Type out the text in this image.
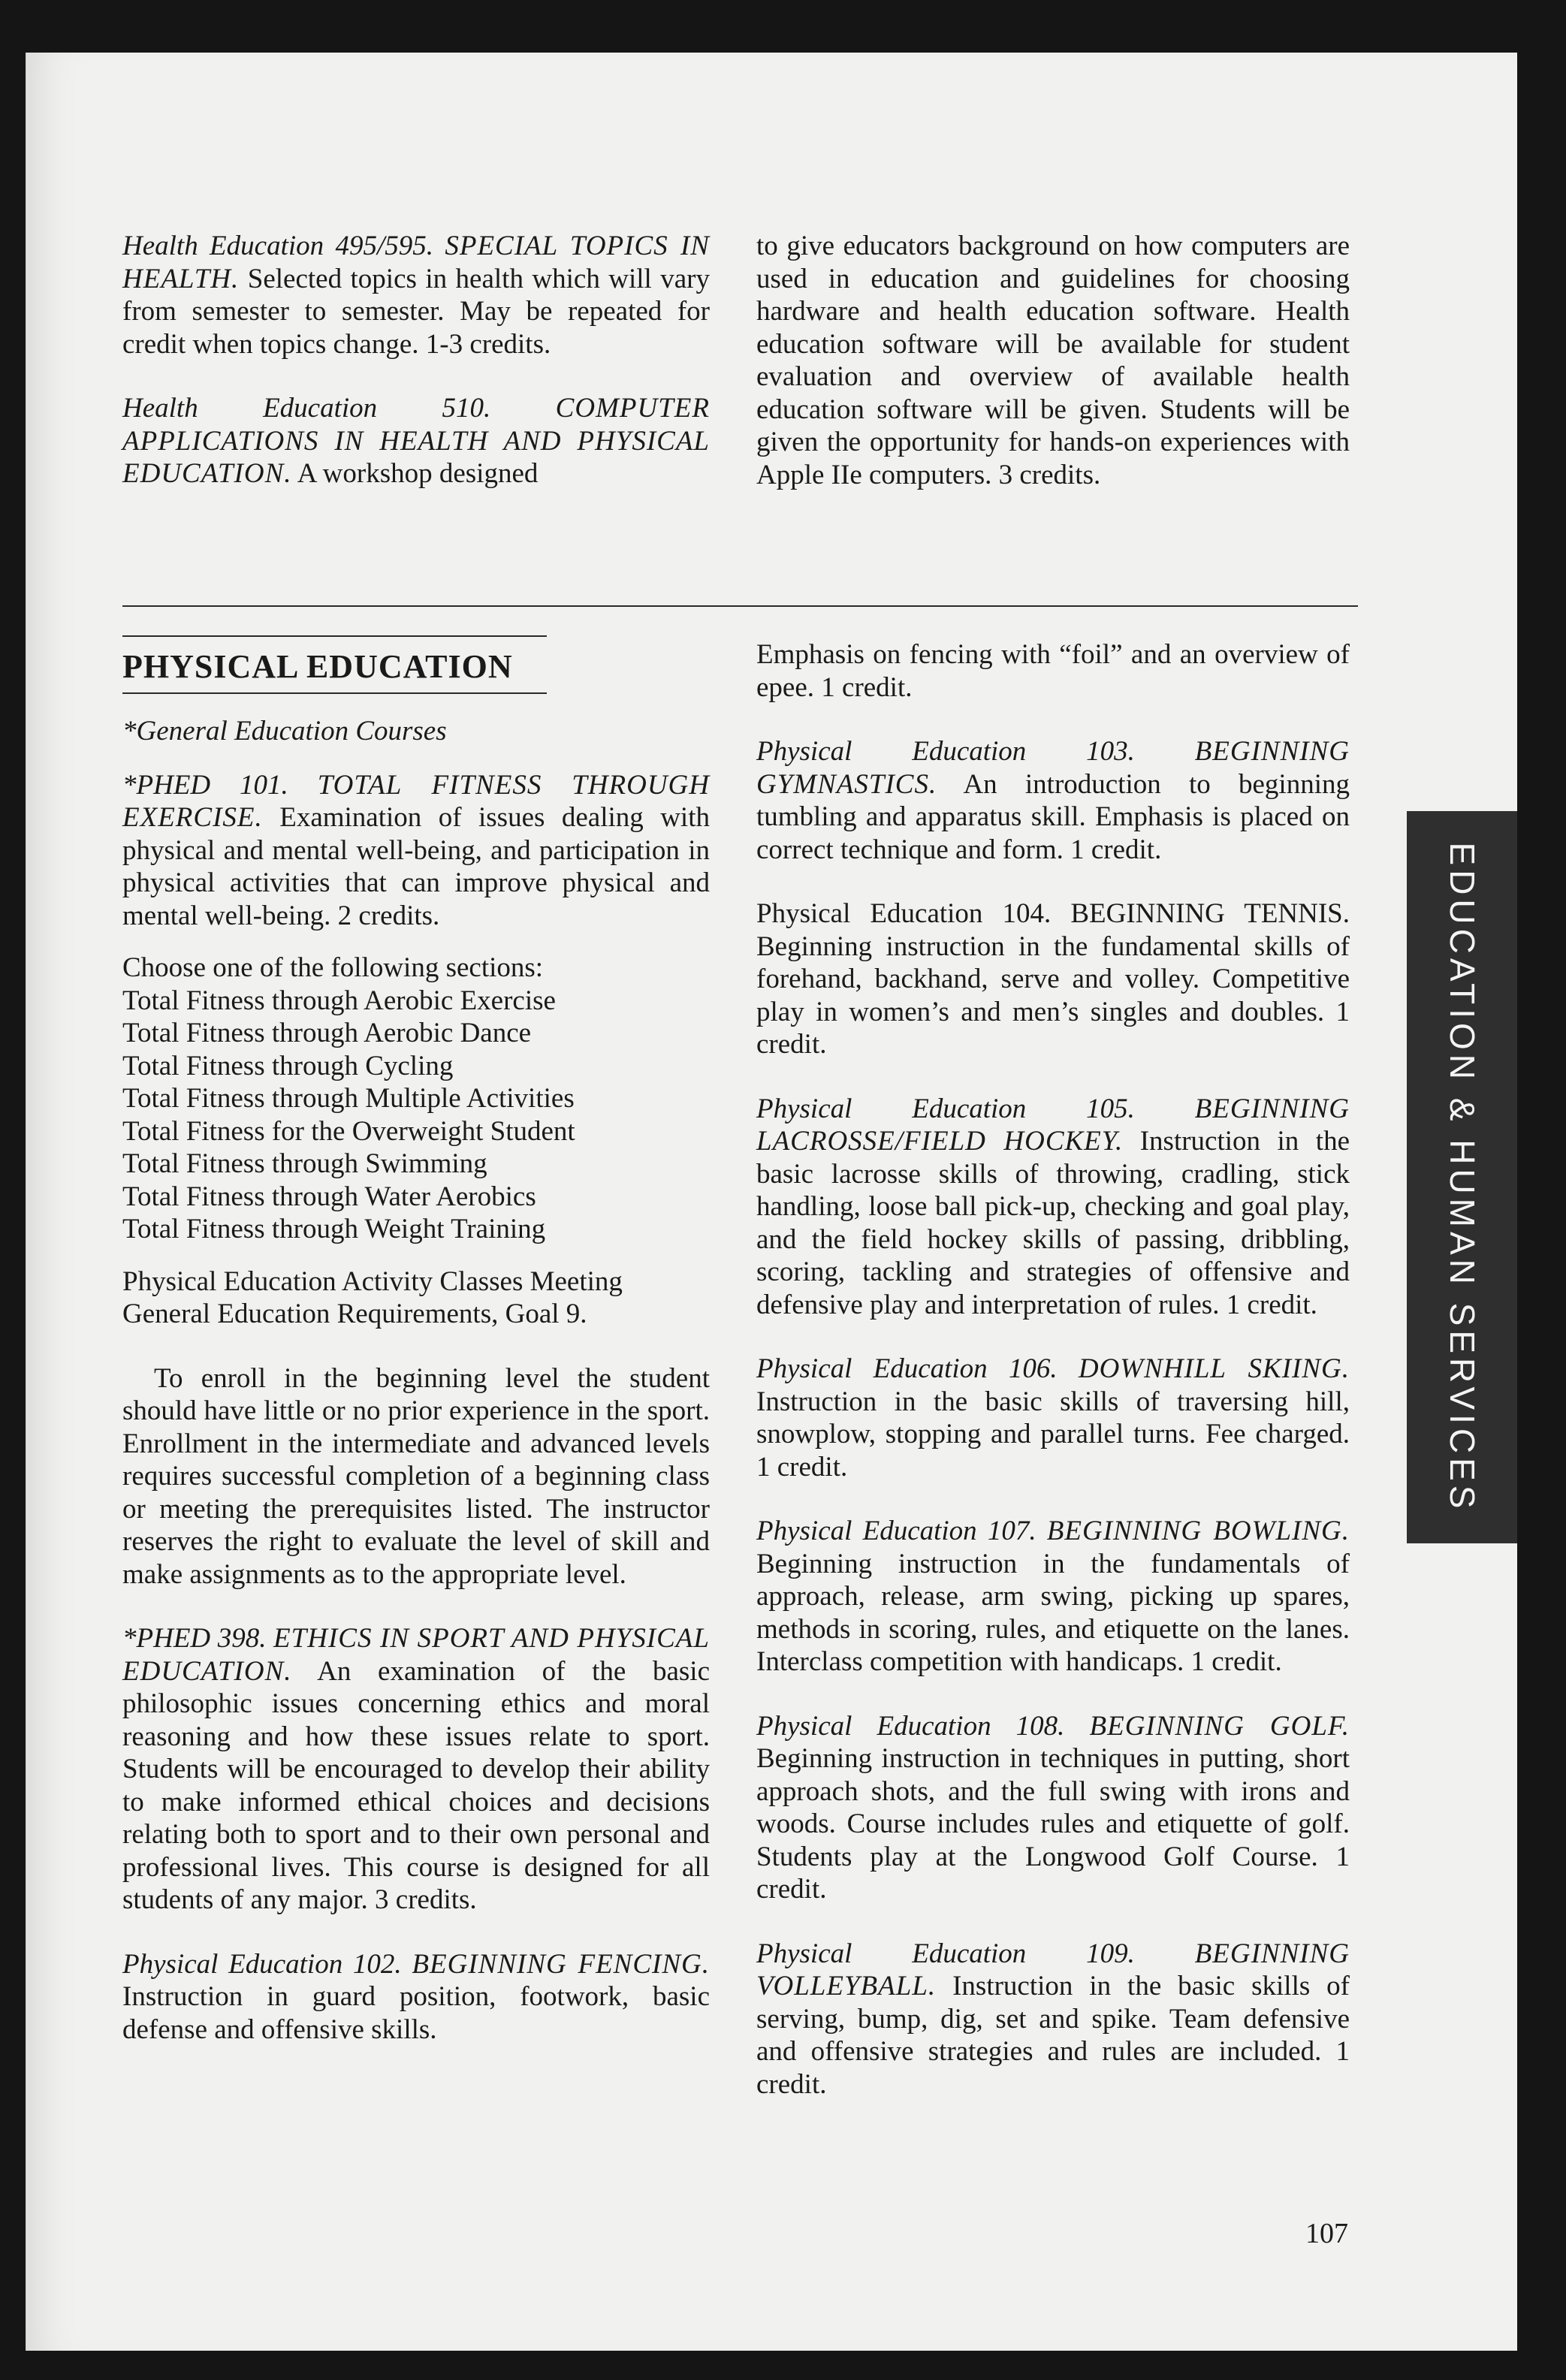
Health Education 495/595. SPECIAL TOPICS IN HEALTH. Selected topics in health which will vary from semester to semester. May be repeated for credit when topics change. 1-3 credits.

Health Education 510. COMPUTER APPLICATIONS IN HEALTH AND PHYSICAL EDUCATION. A workshop designed

to give educators background on how computers are used in education and guidelines for choosing hardware and health education software. Health education software will be available for student evaluation and overview of available health education software will be given. Students will be given the opportunity for hands-on experiences with Apple IIe computers. 3 credits.

PHYSICAL EDUCATION

*General Education Courses

*PHED 101. TOTAL FITNESS THROUGH EXERCISE. Examination of issues dealing with physical and mental well-being, and participation in physical activities that can improve physical and mental well-being. 2 credits.

Choose one of the following sections:
Total Fitness through Aerobic Exercise
Total Fitness through Aerobic Dance
Total Fitness through Cycling
Total Fitness through Multiple Activities
Total Fitness for the Overweight Student
Total Fitness through Swimming
Total Fitness through Water Aerobics
Total Fitness through Weight Training

Physical Education Activity Classes Meeting General Education Requirements, Goal 9.

To enroll in the beginning level the student should have little or no prior experience in the sport. Enrollment in the intermediate and advanced levels requires successful completion of a beginning class or meeting the prerequisites listed. The instructor reserves the right to evaluate the level of skill and make assignments as to the appropriate level.

*PHED 398. ETHICS IN SPORT AND PHYSICAL EDUCATION. An examination of the basic philosophic issues concerning ethics and moral reasoning and how these issues relate to sport. Students will be encouraged to develop their ability to make informed ethical choices and decisions relating both to sport and to their own personal and professional lives. This course is designed for all students of any major. 3 credits.

Physical Education 102. BEGINNING FENCING. Instruction in guard position, footwork, basic defense and offensive skills.

Emphasis on fencing with “foil” and an overview of epee. 1 credit.

Physical Education 103. BEGINNING GYMNASTICS. An introduction to beginning tumbling and apparatus skill. Emphasis is placed on correct technique and form. 1 credit.

Physical Education 104. BEGINNING TENNIS. Beginning instruction in the fundamental skills of forehand, backhand, serve and volley. Competitive play in women’s and men’s singles and doubles. 1 credit.

Physical Education 105. BEGINNING LACROSSE/FIELD HOCKEY. Instruction in the basic lacrosse skills of throwing, cradling, stick handling, loose ball pick-up, checking and goal play, and the field hockey skills of passing, dribbling, scoring, tackling and strategies of offensive and defensive play and interpretation of rules. 1 credit.

Physical Education 106. DOWNHILL SKIING. Instruction in the basic skills of traversing hill, snowplow, stopping and parallel turns. Fee charged. 1 credit.

Physical Education 107. BEGINNING BOWLING. Beginning instruction in the fundamentals of approach, release, arm swing, picking up spares, methods in scoring, rules, and etiquette on the lanes. Interclass competition with handicaps. 1 credit.

Physical Education 108. BEGINNING GOLF. Beginning instruction in techniques in putting, short approach shots, and the full swing with irons and woods. Course includes rules and etiquette of golf. Students play at the Longwood Golf Course. 1 credit.

Physical Education 109. BEGINNING VOLLEYBALL. Instruction in the basic skills of serving, bump, dig, set and spike. Team defensive and offensive strategies and rules are included. 1 credit.

EDUCATION & HUMAN SERVICES
107
